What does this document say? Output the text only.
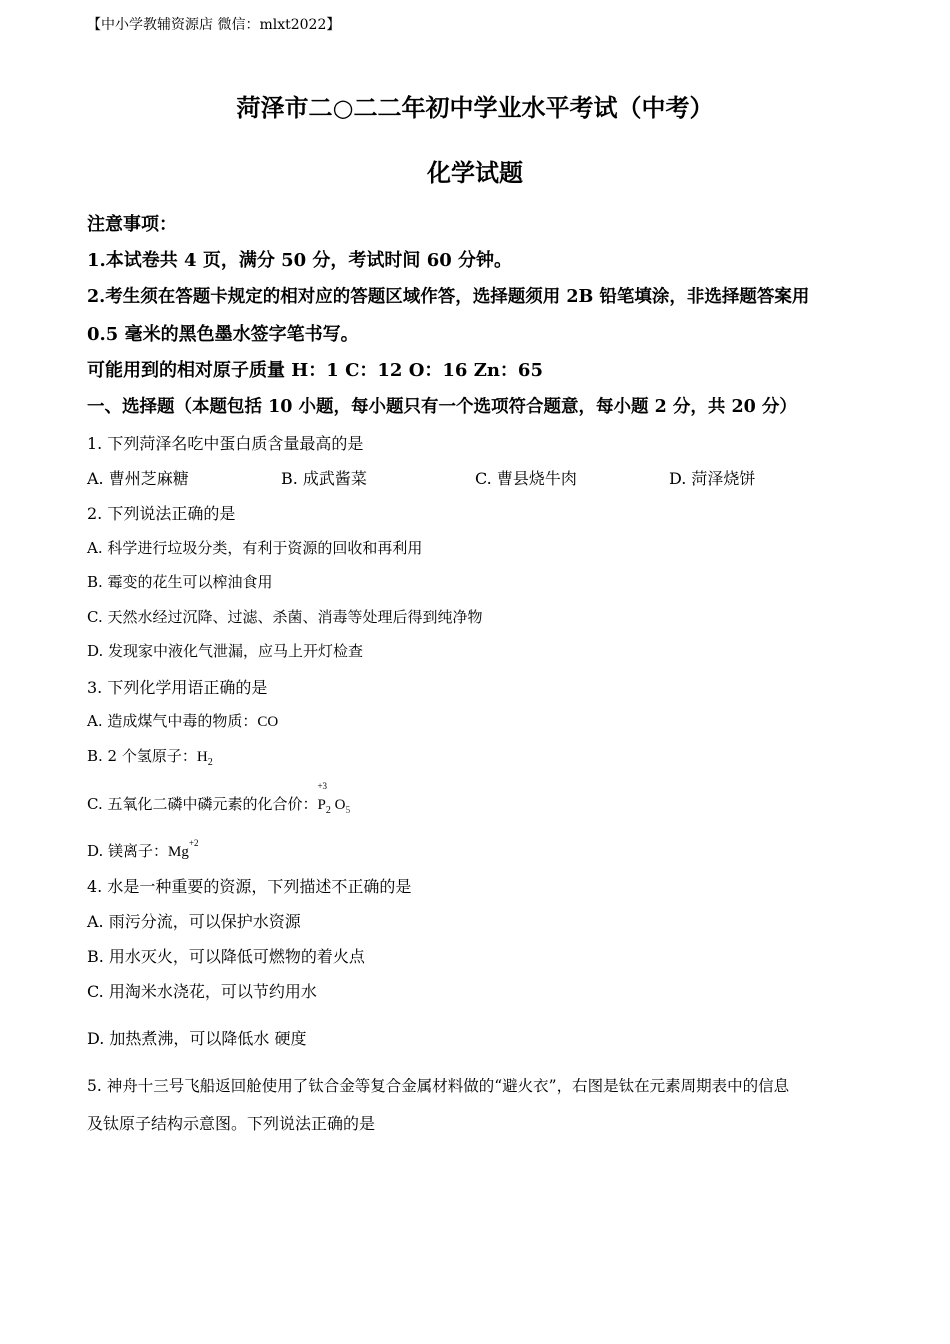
【中小学教辅资源店 微信：mlxt2022】
菏泽市二○二二年初中学业水平考试（中考）
化学试题
注意事项：
1.本试卷共 4 页，满分 50 分，考试时间 60 分钟。
2.考生须在答题卡规定的相对应的答题区域作答，选择题须用 2B 铅笔填涂，非选择题答案用
0.5 毫米的黑色墨水签字笔书写。
可能用到的相对原子质量 H：1 C：12 O：16 Zn：65
一、选择题（本题包括 10 小题，每小题只有一个选项符合题意，每小题 2 分，共 20 分）
1. 下列菏泽名吃中蛋白质含量最高的是
A. 曹州芝麻糖	B. 成武酱菜	C. 曹县烧牛肉	D. 菏泽烧饼
2. 下列说法正确的是
A. 科学进行垃圾分类，有利于资源的回收和再利用
B. 霉变的花生可以榨油食用
C. 天然水经过沉降、过滤、杀菌、消毒等处理后得到纯净物
D. 发现家中液化气泄漏，应马上开灯检查
3. 下列化学用语正确的是
A. 造成煤气中毒的物质：CO
B. 2 个氢原子：$H_2$
C. 五氧化二磷中磷元素的化合价：
+3
$P_2$ $O_5$
D. 镁离子：$Mg^{+2}$
4. 水是一种重要的资源，下列描述不正确的是
A. 雨污分流，可以保护水资源
B. 用水灭火，可以降低可燃物的着火点
C. 用淘米水浇花，可以节约用水
D. 加热煮沸，可以降低水 硬度
5. 神舟十三号飞船返回舱使用了钛合金等复合金属材料做的“避火衣”，右图是钛在元素周期表中的信息
及钛原子结构示意图。下列说法正确的是
